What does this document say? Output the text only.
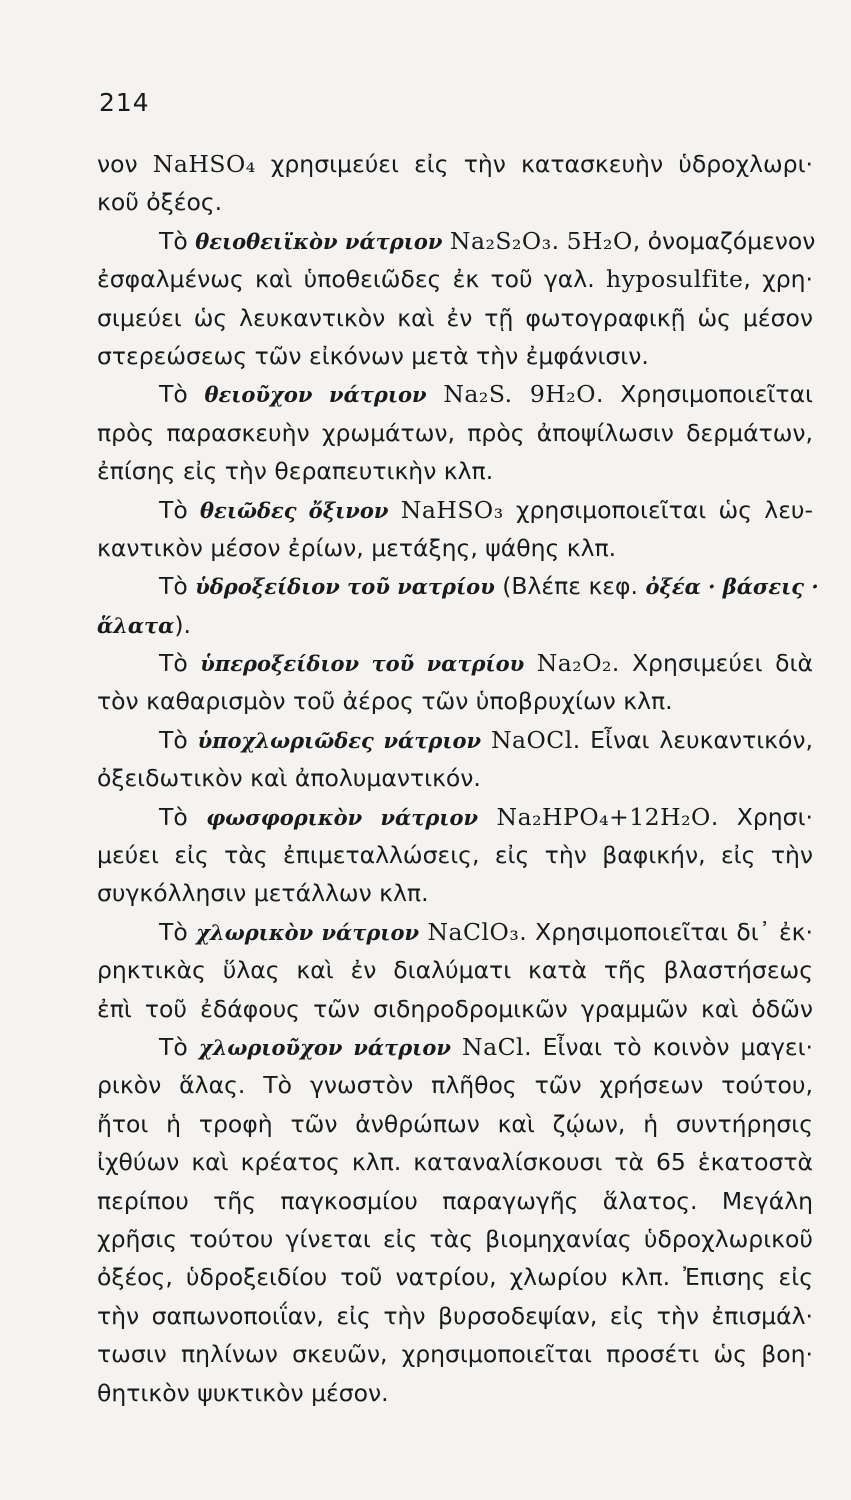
214
νον NaHSO₄ χρησιμεύει εἰς τὴν κατασκευὴν ὑδροχλωρι·
κοῦ ὀξέος.
Τὸ θειοθειϊκὸν νάτριον Na₂S₂O₃. 5H₂O, ὀνομαζόμενον
ἐσφαλμένως καὶ ὑποθειῶδες ἐκ τοῦ γαλ. hyposulfite, χρη·
σιμεύει ὡς λευκαντικὸν καὶ ἐν τῇ φωτογραφικῇ ὡς μέσον
στερεώσεως τῶν εἰκόνων μετὰ τὴν ἐμφάνισιν.
Τὸ θειοῦχον νάτριον Na₂S. 9H₂O. Χρησιμοποιεῖται
πρὸς παρασκευὴν χρωμάτων, πρὸς ἀποψίλωσιν δερμάτων,
ἐπίσης εἰς τὴν θεραπευτικὴν κλπ.
Τὸ θειῶδες ὄξινον NaHSO₃ χρησιμοποιεῖται ὡς λευ-
καντικὸν μέσον ἐρίων, μετάξης, ψάθης κλπ.
Τὸ ὑδροξείδιον τοῦ νατρίου (Βλέπε κεφ. ὀξέα · βάσεις ·
ἅλατα).
Τὸ ὑπεροξείδιον τοῦ νατρίου Na₂O₂. Χρησιμεύει διὰ
τὸν καθαρισμὸν τοῦ ἀέρος τῶν ὑποβρυχίων κλπ.
Τὸ ὑποχλωριῶδες νάτριον NaOCl. Εἶναι λευκαντικόν,
ὀξειδωτικὸν καὶ ἀπολυμαντικόν.
Τὸ φωσφορικὸν νάτριον Na₂HPO₄+12H₂O. Χρησι·
μεύει εἰς τὰς ἐπιμεταλλώσεις, εἰς τὴν βαφικήν, εἰς τὴν
συγκόλλησιν μετάλλων κλπ.
Τὸ χλωρικὸν νάτριον NaClO₃. Χρησιμοποιεῖται δι᾽ ἐκ·
ρηκτικὰς ὕλας καὶ ἐν διαλύματι κατὰ τῆς βλαστήσεως
ἐπὶ τοῦ ἐδάφους τῶν σιδηροδρομικῶν γραμμῶν καὶ ὁδῶν
Τὸ χλωριοῦχον νάτριον NaCl. Εἶναι τὸ κοινὸν μαγει·
ρικὸν ἅλας. Τὸ γνωστὸν πλῆθος τῶν χρήσεων τούτου,
ἤτοι ἡ τροφὴ τῶν ἀνθρώπων καὶ ζῴων, ἡ συντήρησις
ἰχθύων καὶ κρέατος κλπ. καταναλίσκουσι τὰ 65 ἑκατοστὰ
περίπου τῆς παγκοσμίου παραγωγῆς ἅλατος. Μεγάλη
χρῆσις τούτου γίνεται εἰς τὰς βιομηχανίας ὑδροχλωρικοῦ
ὀξέος, ὑδροξειδίου τοῦ νατρίου, χλωρίου κλπ. Ἐπισης εἰς
τὴν σαπωνοποιΐαν, εἰς τὴν βυρσοδεψίαν, εἰς τὴν ἐπισμάλ·
τωσιν πηλίνων σκευῶν, χρησιμοποιεῖται προσέτι ὡς βοη·
θητικὸν ψυκτικὸν μέσον.
